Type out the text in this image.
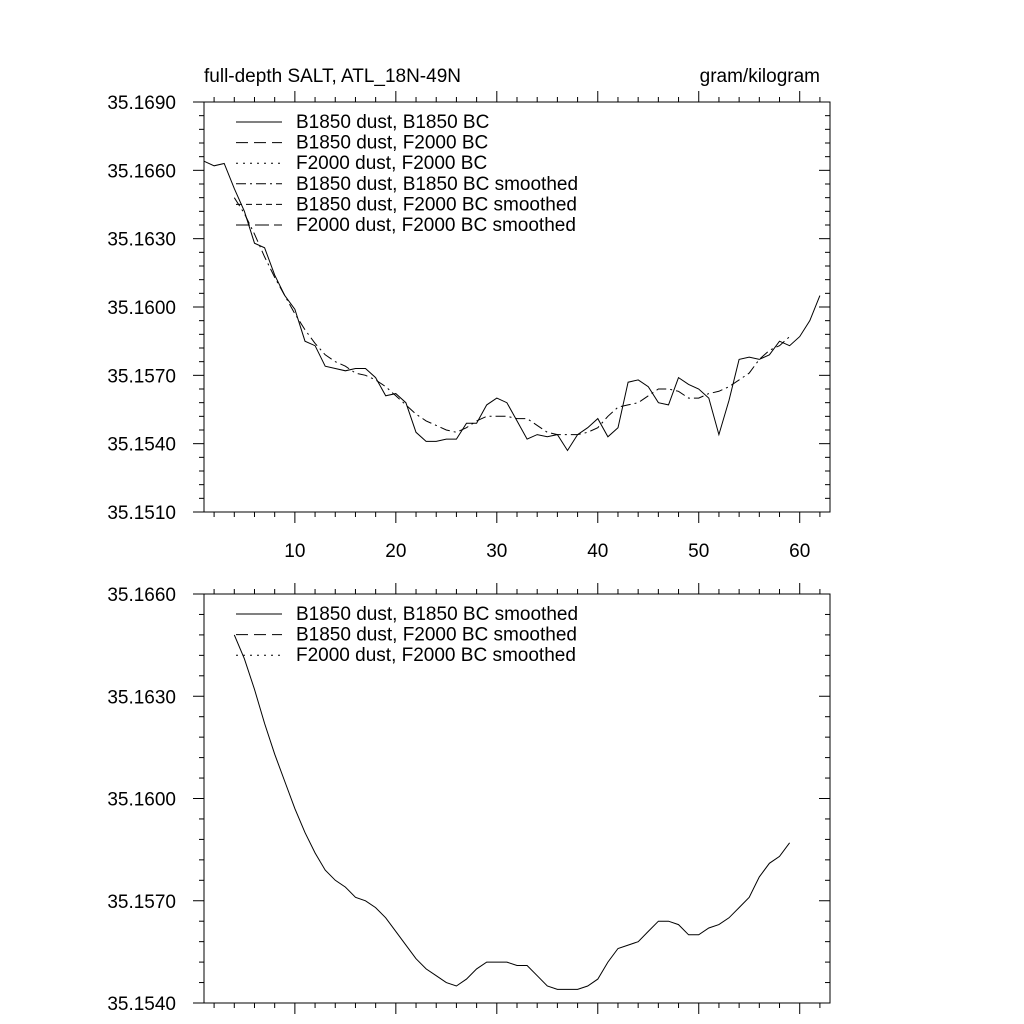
full-depth SALT, ATL_18N-49N	gram/kilogram
10	20	30	40	50	60
35.1510
35.1540
35.1570
35.1600
35.1630
35.1660
35.1690
B1850 dust, B1850 BC
B1850 dust, F2000 BC
F2000 dust, F2000 BC
B1850 dust, B1850 BC smoothed
B1850 dust, F2000 BC smoothed
F2000 dust, F2000 BC smoothed
35.1540
35.1570
35.1600
35.1630
35.1660
B1850 dust, B1850 BC smoothed
B1850 dust, F2000 BC smoothed
F2000 dust, F2000 BC smoothed
